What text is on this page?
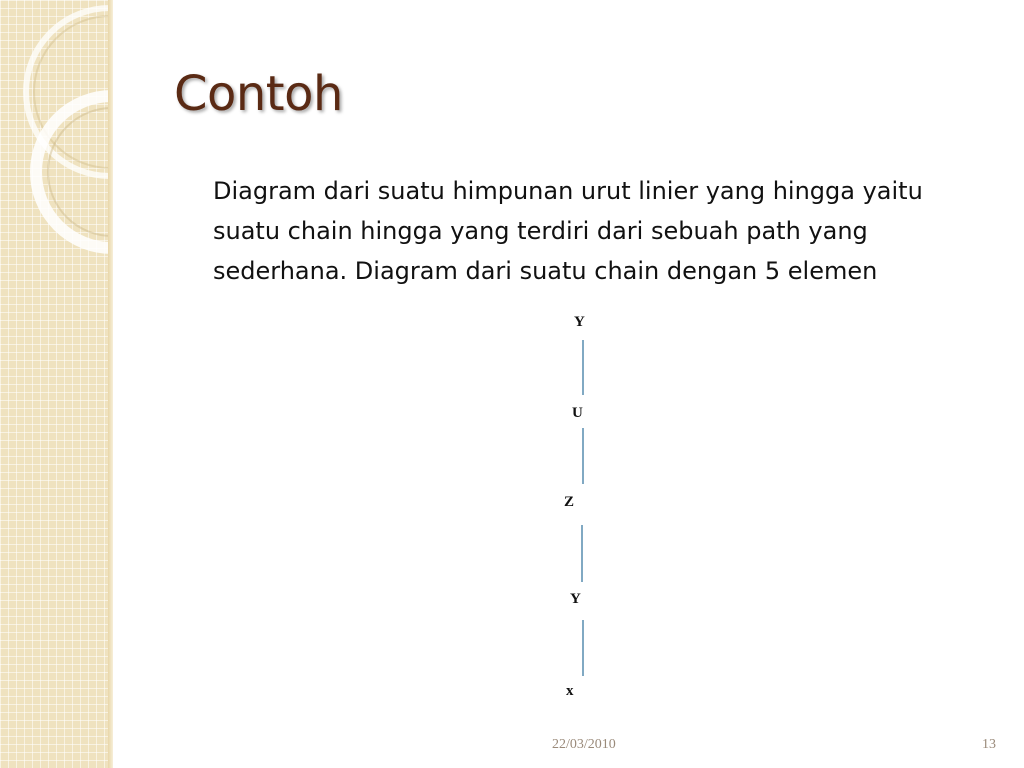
Contoh

Diagram dari suatu himpunan urut linier yang hingga yaitu suatu chain hingga yang terdiri dari sebuah path yang sederhana. Diagram dari suatu chain dengan 5 elemen

Y
U
Z
Y
x
22/03/2010	13
